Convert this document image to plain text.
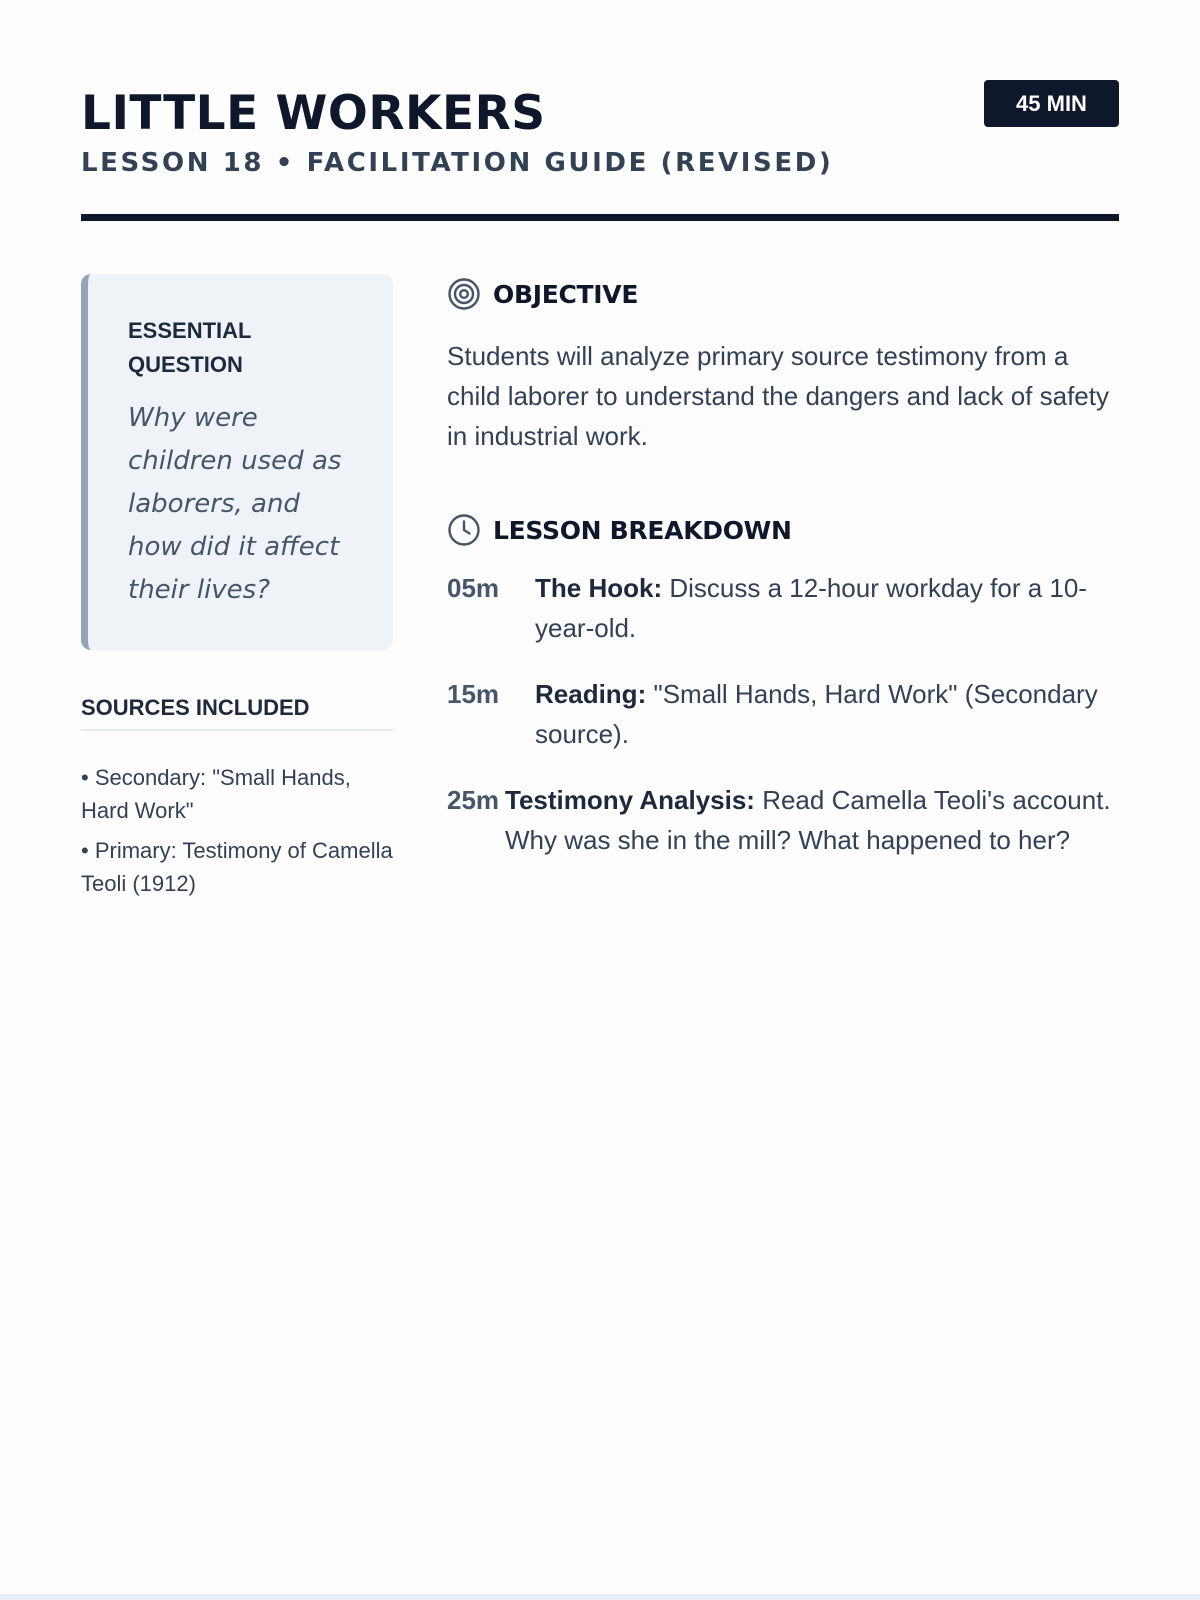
LITTLE WORKERS
LESSON 18 • FACILITATION GUIDE (REVISED)
45 MIN
ESSENTIAL QUESTION
Why were children used as laborers, and how did it affect their lives?
SOURCES INCLUDED
• Secondary: "Small Hands, Hard Work"
• Primary: Testimony of Camella Teoli (1912)
OBJECTIVE

Students will analyze primary source testimony from a child laborer to understand the dangers and lack of safety in industrial work.

LESSON BREAKDOWN
05m	The Hook: Discuss a 12-hour workday for a 10-year-old.
15m	Reading: "Small Hands, Hard Work" (Secondary source).
25m Testimony Analysis: Read Camella Teoli's account. Why was she in the mill? What happened to her?
